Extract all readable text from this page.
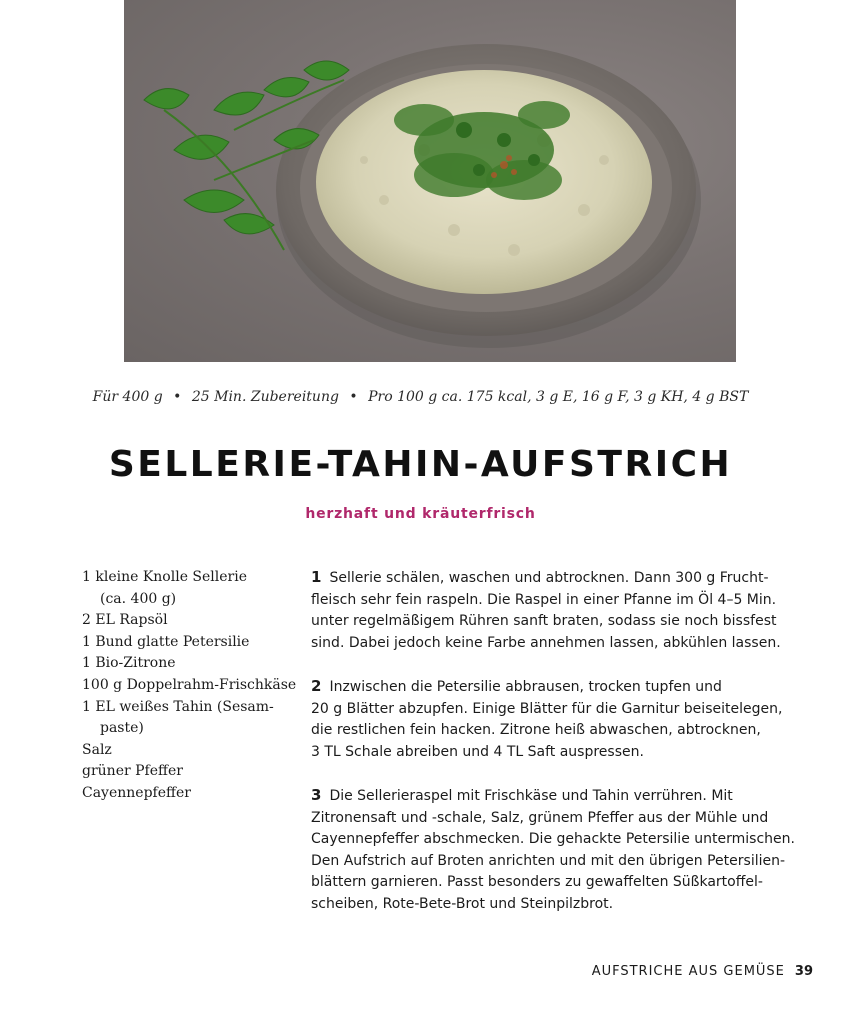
Für 400 g • 25 Min. Zubereitung • Pro 100 g ca. 175 kcal, 3 g E, 16 g F, 3 g KH, 4 g BST
SELLERIE-TAHIN-AUFSTRICH
herzhaft und kräuterfrisch
1 kleine Knolle Sellerie
(ca. 400 g)
2 EL Rapsöl
1 Bund glatte Petersilie
1 Bio-Zitrone
100 g Doppelrahm-Frischkäse
1 EL weißes Tahin (Sesam-
paste)
Salz
grüner Pfeffer
Cayennepfeffer
1 Sellerie schälen, waschen und abtrocknen. Dann 300 g Frucht-
fleisch sehr fein raspeln. Die Raspel in einer Pfanne im Öl 4–5 Min.
unter regelmäßigem Rühren sanft braten, sodass sie noch bissfest
sind. Dabei jedoch keine Farbe annehmen lassen, abkühlen lassen.
2 Inzwischen die Petersilie abbrausen, trocken tupfen und
20 g Blätter abzupfen. Einige Blätter für die Garnitur beiseitelegen,
die restlichen fein hacken. Zitrone heiß abwaschen, abtrocknen,
3 TL Schale abreiben und 4 TL Saft auspressen.
3 Die Sellerieraspel mit Frischkäse und Tahin verrühren. Mit
Zitronensaft und -schale, Salz, grünem Pfeffer aus der Mühle und
Cayennepfeffer abschmecken. Die gehackte Petersilie untermischen.
Den Aufstrich auf Broten anrichten und mit den übrigen Petersilien-
blättern garnieren. Passt besonders zu gewaffelten Süßkartoffel-
scheiben, Rote-Bete-Brot und Steinpilzbrot.
AUFSTRICHE AUS GEMÜSE 39
